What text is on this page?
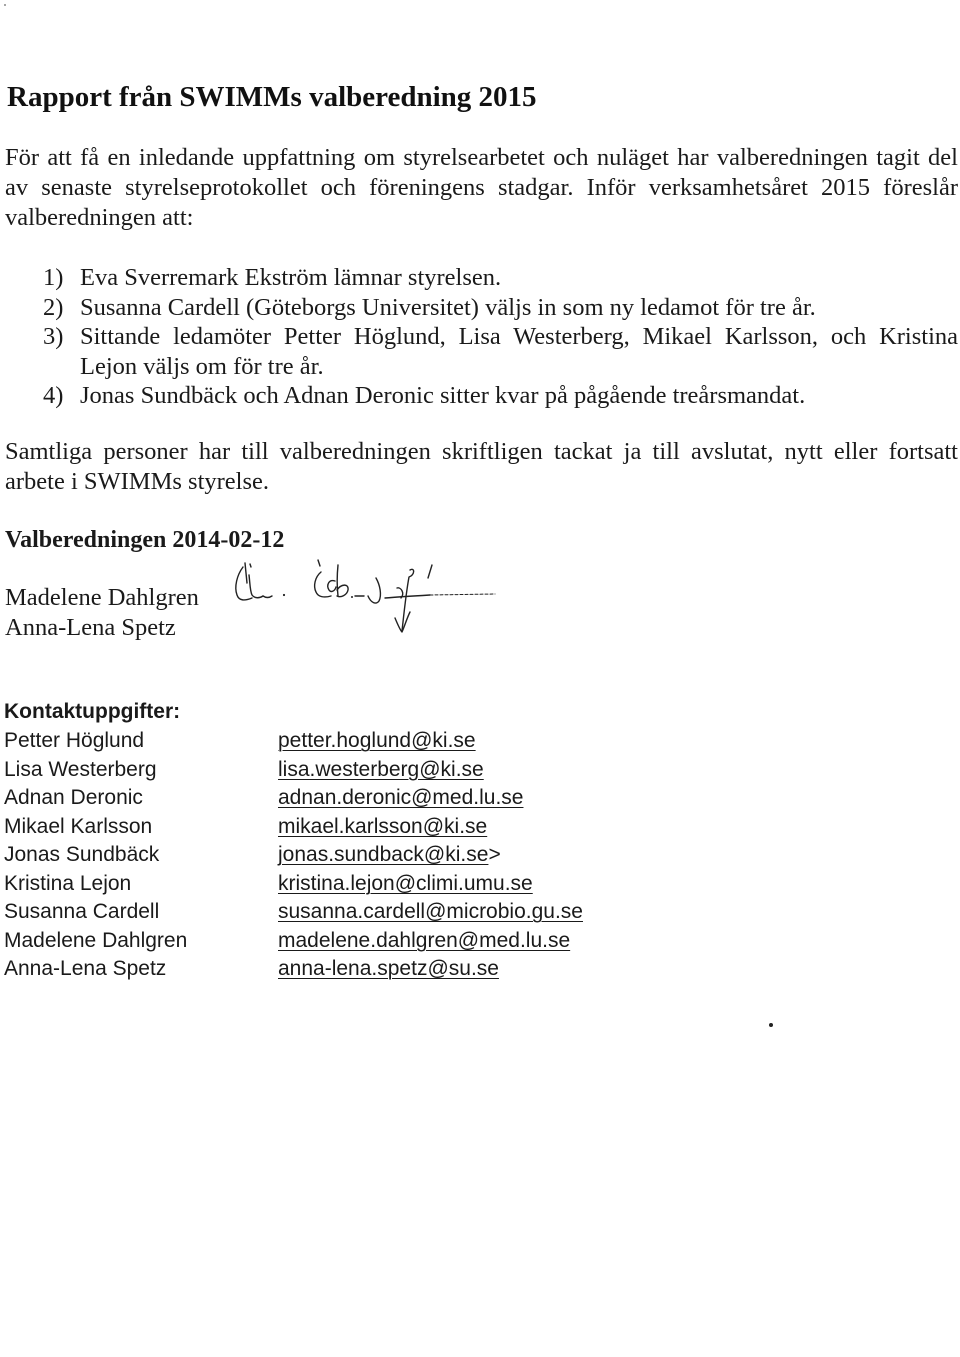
Rapport från SWIMMs valberedning 2015
För att få en inledande uppfattning om styrelsearbetet och nuläget har valberedningen tagit del
av senaste styrelseprotokollet och föreningens stadgar. Inför verksamhetsåret 2015 föreslår
valberedningen att:
1) Eva Sverremark Ekström lämnar styrelsen.
2) Susanna Cardell (Göteborgs Universitet) väljs in som ny ledamot för tre år.
3) Sittande ledamöter Petter Höglund, Lisa Westerberg, Mikael Karlsson, och Kristina
Lejon väljs om för tre år.
4) Jonas Sundbäck och Adnan Deronic sitter kvar på pågående treårsmandat.
Samtliga personer har till valberedningen skriftligen tackat ja till avslutat, nytt eller fortsatt
arbete i SWIMMs styrelse.
Valberedningen 2014-02-12
Madelene Dahlgren
Anna-Lena Spetz
Kontaktuppgifter:
Petter Höglund	petter.hoglund@ki.se
Lisa Westerberg	lisa.westerberg@ki.se
Adnan Deronic	adnan.deronic@med.lu.se
Mikael Karlsson	mikael.karlsson@ki.se
Jonas Sundbäck	jonas.sundback@ki.se>
Kristina Lejon	kristina.lejon@climi.umu.se
Susanna Cardell	susanna.cardell@microbio.gu.se
Madelene Dahlgren	madelene.dahlgren@med.lu.se
Anna-Lena Spetz	anna-lena.spetz@su.se
